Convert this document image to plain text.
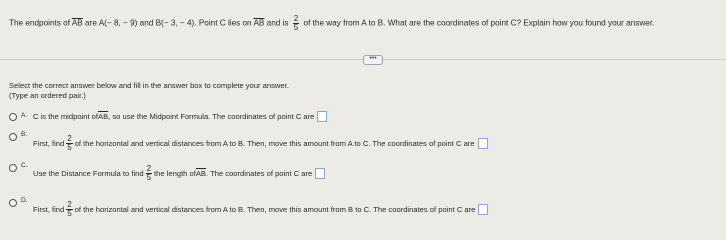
The endpoints of $\overline{AB}$ are A(− 8, − 9) and B(− 3, − 4). Point C lies on $\overline{AB}$ and is $\frac{2}{5}$ of the way from A to B. What are the coordinates of point C? Explain how you found your answer.
•••
Select the correct answer below and fill in the answer box to complete your answer.
(Type an ordered pair.)
A. C is the midpoint of $\overline{AB}$ , so use the Midpoint Formula. The coordinates of point C are
B.
First, find $\frac{2}{5}$ of the horizontal and vertical distances from A to B. Then, move this amount from A to C. The coordinates of point C are
C.
Use the Distance Formula to find $\frac{2}{5}$ the length of $\overline{AB}$ . The coordinates of point C are
D.
First, find $\frac{2}{5}$ of the horizontal and vertical distances from A to B. Then, move this amount from B to C. The coordinates of point C are
